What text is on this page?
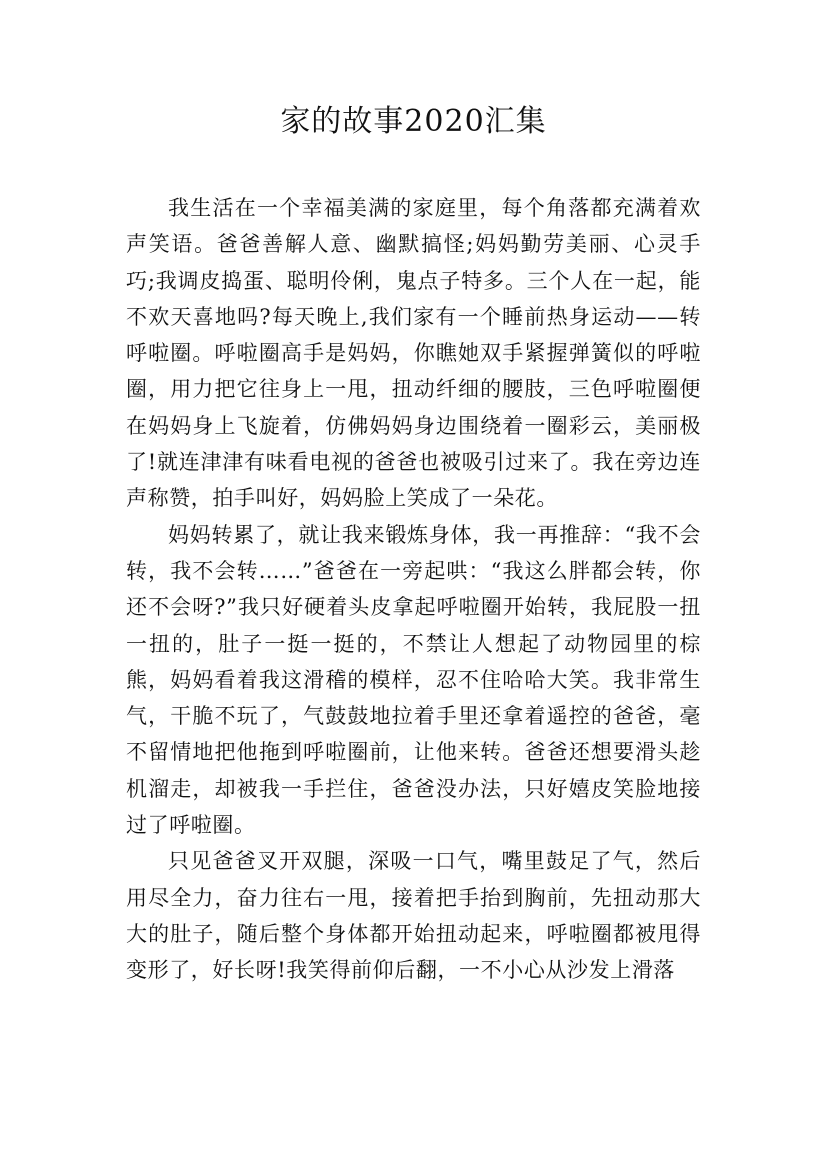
家的故事2020汇集

我生活在一个幸福美满的家庭里，每个角落都充满着欢声笑语。爸爸善解人意、幽默搞怪;妈妈勤劳美丽、心灵手巧;我调皮捣蛋、聪明伶俐，鬼点子特多。三个人在一起，能不欢天喜地吗?每天晚上,我们家有一个睡前热身运动——转呼啦圈。呼啦圈高手是妈妈，你瞧她双手紧握弹簧似的呼啦圈，用力把它往身上一甩，扭动纤细的腰肢，三色呼啦圈便在妈妈身上飞旋着，仿佛妈妈身边围绕着一圈彩云，美丽极了!就连津津有味看电视的爸爸也被吸引过来了。我在旁边连声称赞，拍手叫好，妈妈脸上笑成了一朵花。

妈妈转累了，就让我来锻炼身体，我一再推辞：“我不会转，我不会转……”爸爸在一旁起哄：“我这么胖都会转，你还不会呀?”我只好硬着头皮拿起呼啦圈开始转，我屁股一扭一扭的，肚子一挺一挺的，不禁让人想起了动物园里的棕熊，妈妈看着我这滑稽的模样，忍不住哈哈大笑。我非常生气，干脆不玩了，气鼓鼓地拉着手里还拿着遥控的爸爸，毫不留情地把他拖到呼啦圈前，让他来转。爸爸还想要滑头趁机溜走，却被我一手拦住，爸爸没办法，只好嬉皮笑脸地接过了呼啦圈。

只见爸爸叉开双腿，深吸一口气，嘴里鼓足了气，然后用尽全力，奋力往右一甩，接着把手抬到胸前，先扭动那大大的肚子，随后整个身体都开始扭动起来，呼啦圈都被甩得变形了，好长呀!我笑得前仰后翻，一不小心从沙发上滑落
